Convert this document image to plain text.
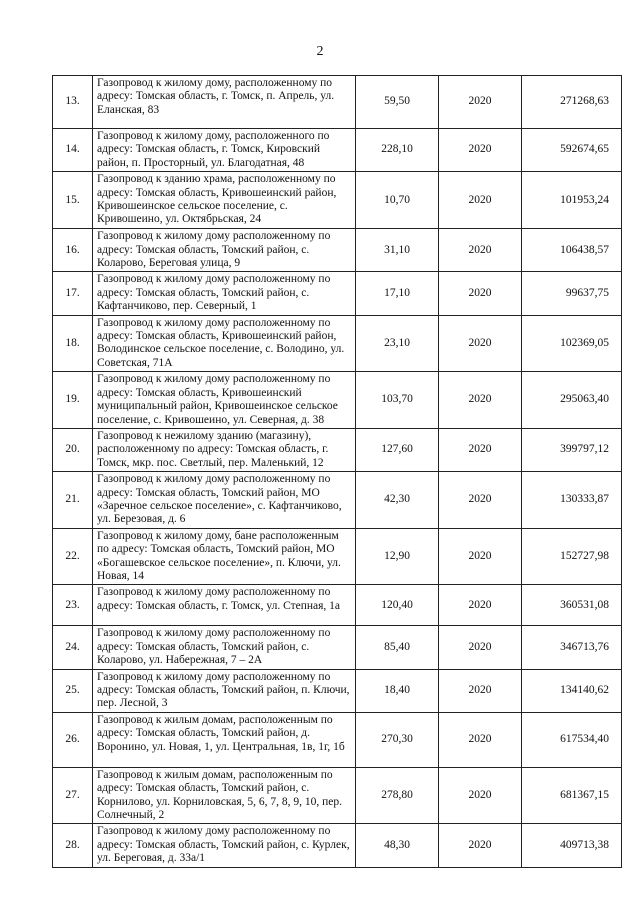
2
13.	Газопровод к жилому дому, расположенному по адресу: Томская область, г. Томск, п. Апрель, ул. Еланская, 83	59,50	2020	271268,63
14.	Газопровод к жилому дому, расположенного по адресу: Томская область, г. Томск, Кировский район, п. Просторный, ул. Благодатная, 48	228,10	2020	592674,65
15.	Газопровод к зданию храма, расположенному по адресу: Томская область, Кривошеинский район, Кривошеинское сельское поселение, с. Кривошеино, ул. Октябрьская, 24	10,70	2020	101953,24
16.	Газопровод к жилому дому расположенному по адресу: Томская область, Томский район, с. Коларово, Береговая улица, 9	31,10	2020	106438,57
17.	Газопровод к жилому дому расположенному по адресу: Томская область, Томский район, с. Кафтанчиково, пер. Северный, 1	17,10	2020	99637,75
18.	Газопровод к жилому дому расположенному по адресу: Томская область, Кривошеинский район, Володинское сельское поселение, с. Володино, ул. Советская, 71А	23,10	2020	102369,05
19.	Газопровод к жилому дому расположенному по адресу: Томская область, Кривошеинский муниципальный район, Кривошеинское сельское поселение, с. Кривошеино, ул. Северная, д. 38	103,70	2020	295063,40
20.	Газопровод к нежилому зданию (магазину), расположенному по адресу: Томская область, г. Томск, мкр. пос. Светлый, пер. Маленький, 12	127,60	2020	399797,12
21.	Газопровод к жилому дому расположенному по адресу: Томская область, Томский район, МО «Заречное сельское поселение», с. Кафтанчиково, ул. Березовая, д. 6	42,30	2020	130333,87
22.	Газопровод к жилому дому, бане расположенным по адресу: Томская область, Томский район, МО «Богашевское сельское поселение», п. Ключи, ул. Новая, 14	12,90	2020	152727,98
23.	Газопровод к жилому дому расположенному по адресу: Томская область, г. Томск, ул. Степная, 1а	120,40	2020	360531,08
24.	Газопровод к жилому дому расположенному по адресу: Томская область, Томский район, с. Коларово, ул. Набережная, 7 – 2А	85,40	2020	346713,76
25.	Газопровод к жилому дому расположенному по адресу: Томская область, Томский район, п. Ключи, пер. Лесной, 3	18,40	2020	134140,62
26.	Газопровод к жилым домам, расположенным по адресу: Томская область, Томский район, д. Воронино, ул. Новая, 1, ул. Центральная, 1в, 1г, 1б	270,30	2020	617534,40
27.	Газопровод к жилым домам, расположенным по адресу: Томская область, Томский район, с. Корнилово, ул. Корниловская, 5, 6, 7, 8, 9, 10, пер. Солнечный, 2	278,80	2020	681367,15
28.	Газопровод к жилому дому расположенному по адресу: Томская область, Томский район, с. Курлек, ул. Береговая, д. 33а/1	48,30	2020	409713,38
